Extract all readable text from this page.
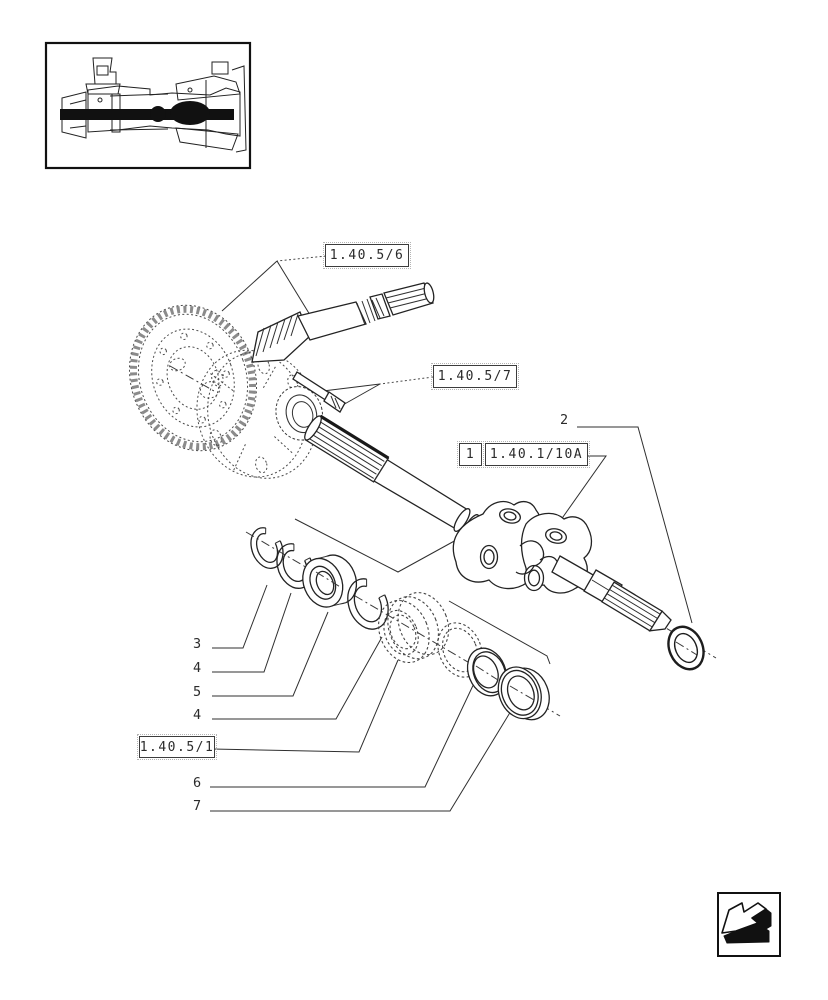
1.40.5/6
1.40.5/7
1	1.40.1/10A
1.40.5/1
2
3
4
5
4
6
7
